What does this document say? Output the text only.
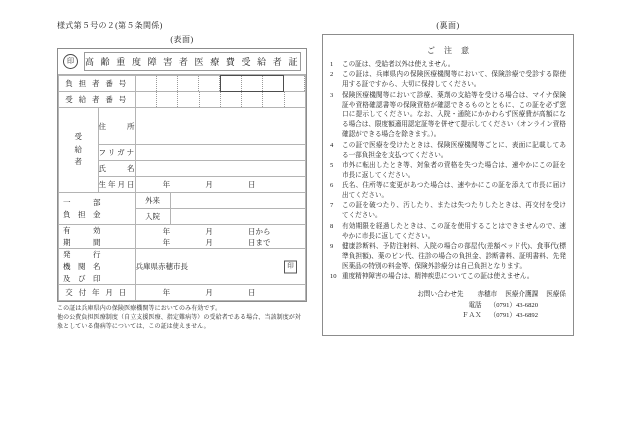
様式第５号の２(第５条関係)
(表面)
印	高 齢 重 度 障 害 者 医 療 費 受 給 者 証
負 担 者 番 号		

受 給 者 番 号		

受
給
者	住　　所	
	フリガナ	
	氏　　名	
	生年月日	年 月 日

一　　　部
負　担　金		外来

		入院

有　　　効
期　　　間

年	月	日から
年	月	日まで

発　　　行
機　関　名
及　び　印
	兵庫県赤穂市長	印

交 付 年 月 日		年 月 日
この証は兵庫県内の保険医療機関等においてのみ有効です。
他の公費負担医療制度（自立支援医療、指定難病等）の受給者である場合、当該制度が対象としている傷病等については、この証は使えません。
(裏面)
ご注意
1	この証は、受給者以外は使えません。
2	この証は、兵庫県内の保険医療機関等において、保険診療で受診する際使用する証ですから、大切に保持してください。
3	保険医療機関等において診療、薬剤の支給等を受ける場合は、マイナ保険証や資格確認書等の保険資格が確認できるものとともに、この証を必ず窓口に提示してください。なお、入院・通院にかかわらず医療費が高額になる場合は、限度額適用認定証等を併せて提示してください（オンライン資格確認ができる場合を除きます。）。
4	この証で医療を受けたときは、保険医療機関等ごとに、表面に記載してある一部負担金を支払つてください。
5	市外に転出したとき等、対象者の資格を失つた場合は、速やかにこの証を市長に返してください。
6	氏名、住所等に変更があつた場合は、速やかにこの証を添えて市長に届け出てください。
7	この証を破つたり、汚したり、または失つたりしたときは、再交付を受けてください。
8	有効期限を経過したときは、この証を使用することはできませんので、速やかに市長に返してください。
9	健康診断料、予防注射料、入院の場合の部屋代(差額ベッド代)、食事代(標準負担額)、薬のビン代、往診の場合の負担金、診断書料、証明書料、先発医薬品の特別の料金等、保険外診療分は自己負担となります。
10 重度精神障害の場合は、精神疾患についてこの証は使えません。
お問い合わせ先 赤穂市 医療介護課 医療係
電話 （0791）43-6820
ＦＡＸ （0791）43-6892
